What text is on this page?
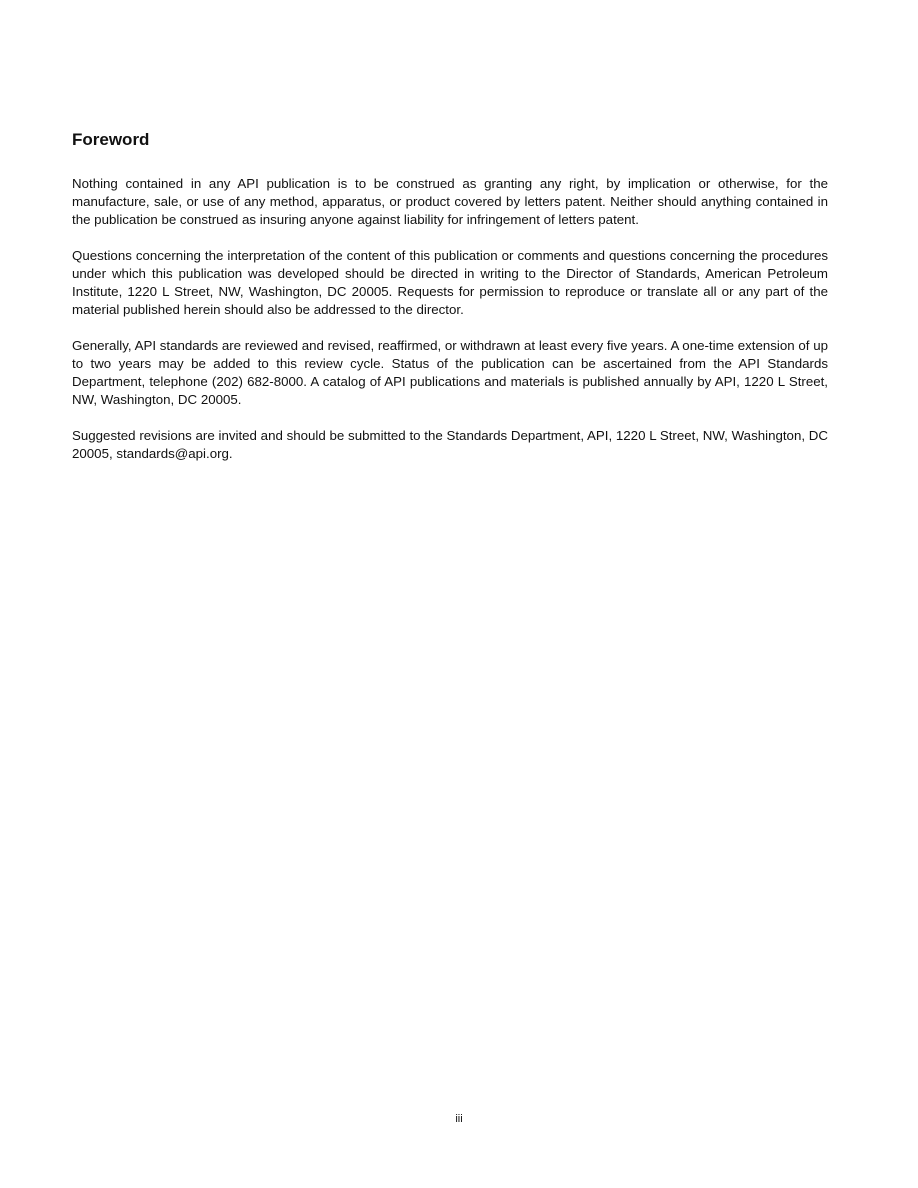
Foreword

Nothing contained in any API publication is to be construed as granting any right, by implication or otherwise, for the manufacture, sale, or use of any method, apparatus, or product covered by letters patent. Neither should anything contained in the publication be construed as insuring anyone against liability for infringement of letters patent.

Questions concerning the interpretation of the content of this publication or comments and questions concerning the procedures under which this publication was developed should be directed in writing to the Director of Standards, American Petroleum Institute, 1220 L Street, NW, Washington, DC 20005. Requests for permission to reproduce or translate all or any part of the material published herein should also be addressed to the director.

Generally, API standards are reviewed and revised, reaffirmed, or withdrawn at least every five years. A one-time extension of up to two years may be added to this review cycle. Status of the publication can be ascertained from the API Standards Department, telephone (202) 682-8000. A catalog of API publications and materials is published annually by API, 1220 L Street, NW, Washington, DC 20005.

Suggested revisions are invited and should be submitted to the Standards Department, API, 1220 L Street, NW, Washington, DC 20005, standards@api.org.

iii
